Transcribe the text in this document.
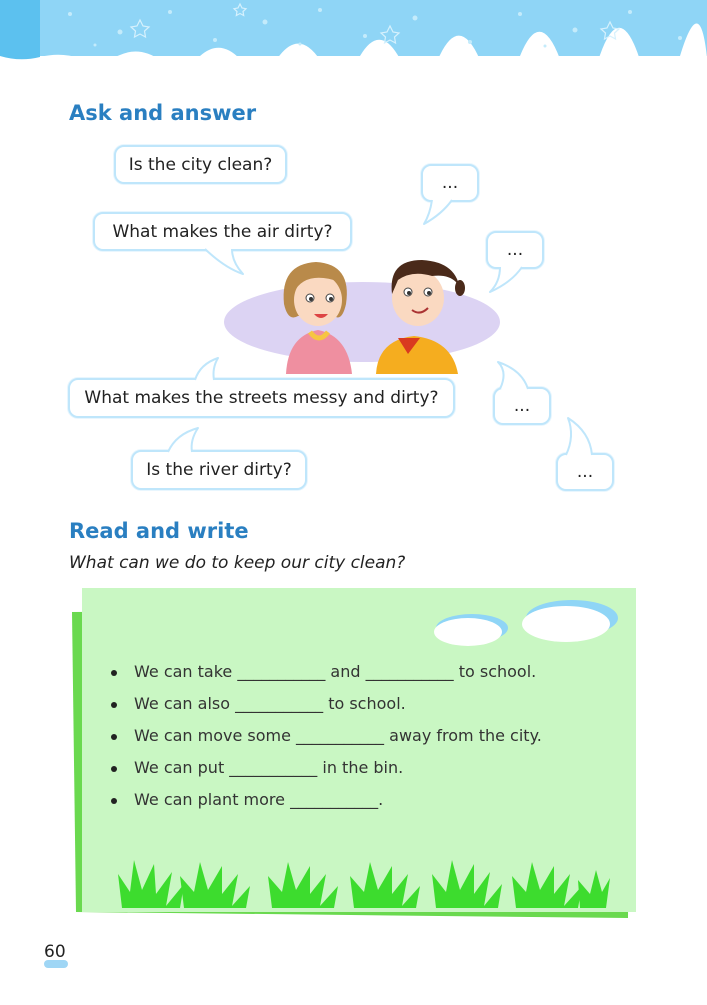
Ask and answer
Is the city clean?
What makes the air dirty?
What makes the streets messy and dirty?
Is the river dirty?
...
...
...
...
Read and write

What can we do to keep our city clean?

We can take ___________ and ___________ to school.
We can also ___________ to school.
We can move some ___________ away from the city.
We can put ___________ in the bin.
We can plant more ___________.
60
